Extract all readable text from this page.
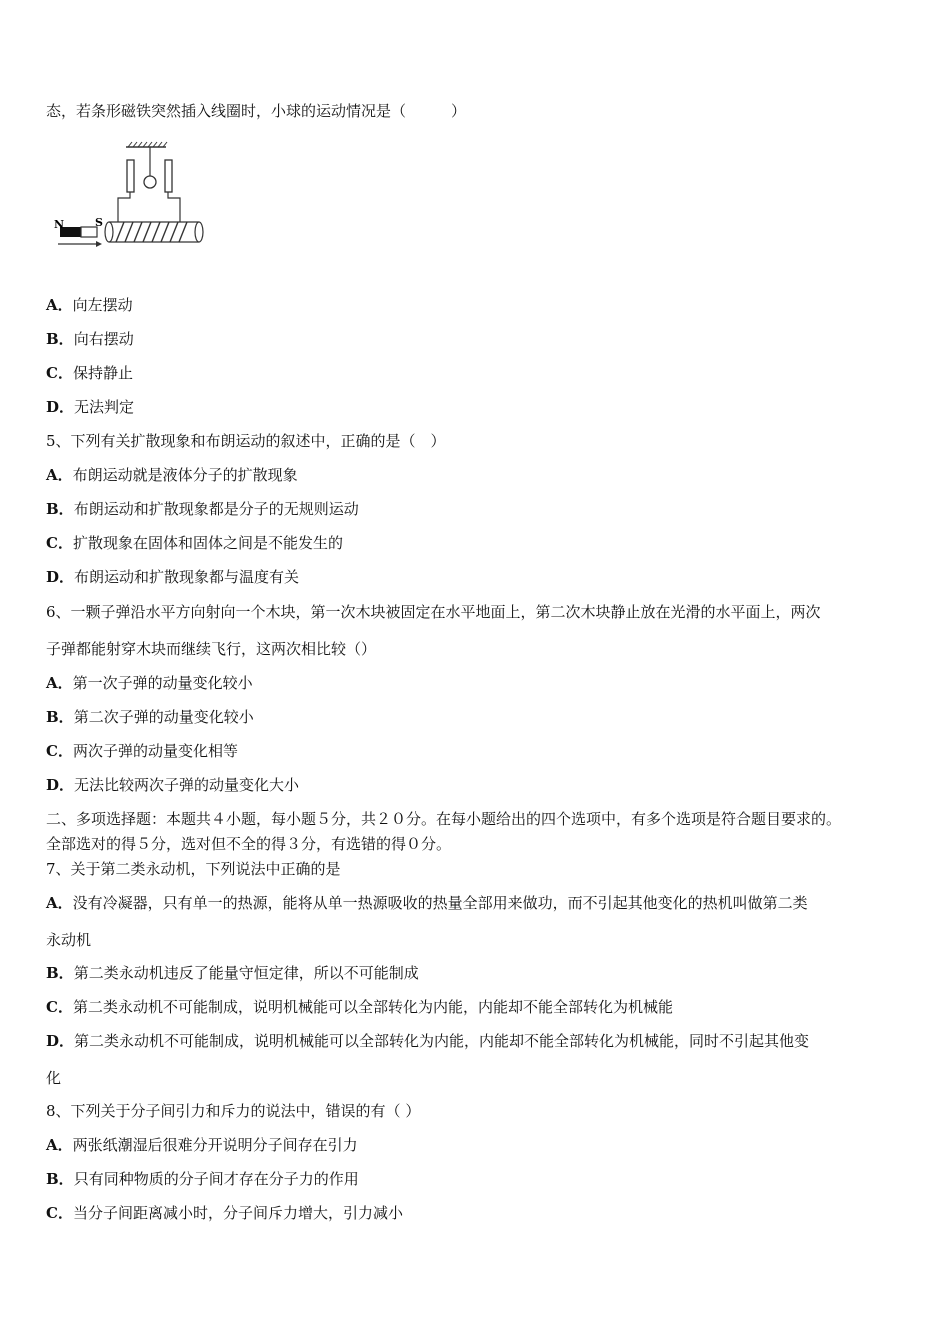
态，若条形磁铁突然插入线圈时，小球的运动情况是（　　　）
N	S
A．向左摆动
B．向右摆动
C．保持静止
D．无法判定
5、下列有关扩散现象和布朗运动的叙述中，正确的是（　）
A．布朗运动就是液体分子的扩散现象
B．布朗运动和扩散现象都是分子的无规则运动
C．扩散现象在固体和固体之间是不能发生的
D．布朗运动和扩散现象都与温度有关
6、一颗子弹沿水平方向射向一个木块，第一次木块被固定在水平地面上，第二次木块静止放在光滑的水平面上，两次
子弹都能射穿木块而继续飞行，这两次相比较（）
A．第一次子弹的动量变化较小
B．第二次子弹的动量变化较小
C．两次子弹的动量变化相等
D．无法比较两次子弹的动量变化大小
二、多项选择题：本题共４小题，每小题５分，共２０分。在每小题给出的四个选项中，有多个选项是符合题目要求的。
全部选对的得５分，选对但不全的得３分，有选错的得０分。
7、关于第二类永动机，下列说法中正确的是
A．没有冷凝器，只有单一的热源，能将从单一热源吸收的热量全部用来做功，而不引起其他变化的热机叫做第二类
永动机
B．第二类永动机违反了能量守恒定律，所以不可能制成
C．第二类永动机不可能制成，说明机械能可以全部转化为内能，内能却不能全部转化为机械能
D．第二类永动机不可能制成，说明机械能可以全部转化为内能，内能却不能全部转化为机械能，同时不引起其他变
化
8、下列关于分子间引力和斥力的说法中，错误的有（ ）
A．两张纸潮湿后很难分开说明分子间存在引力
B．只有同种物质的分子间才存在分子力的作用
C．当分子间距离减小时，分子间斥力增大，引力减小
